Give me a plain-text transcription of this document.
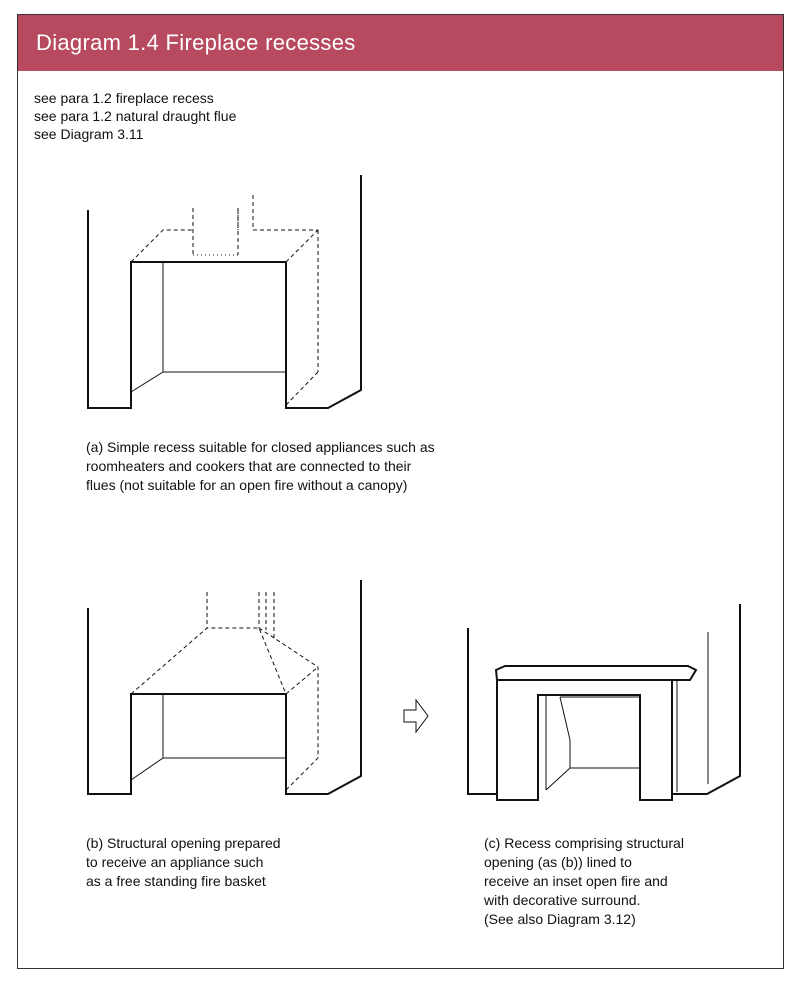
Diagram 1.4 Fireplace recesses
see para 1.2 fireplace recess
see para 1.2 natural draught flue
see Diagram 3.11
(a) Simple recess suitable for closed appliances such as
roomheaters and cookers that are connected to their
flues (not suitable for an open fire without a canopy)
(b) Structural opening prepared
to receive an appliance such
as a free standing fire basket
(c) Recess comprising structural
opening (as (b)) lined to
receive an inset open fire and
with decorative surround.
(See also Diagram 3.12)
